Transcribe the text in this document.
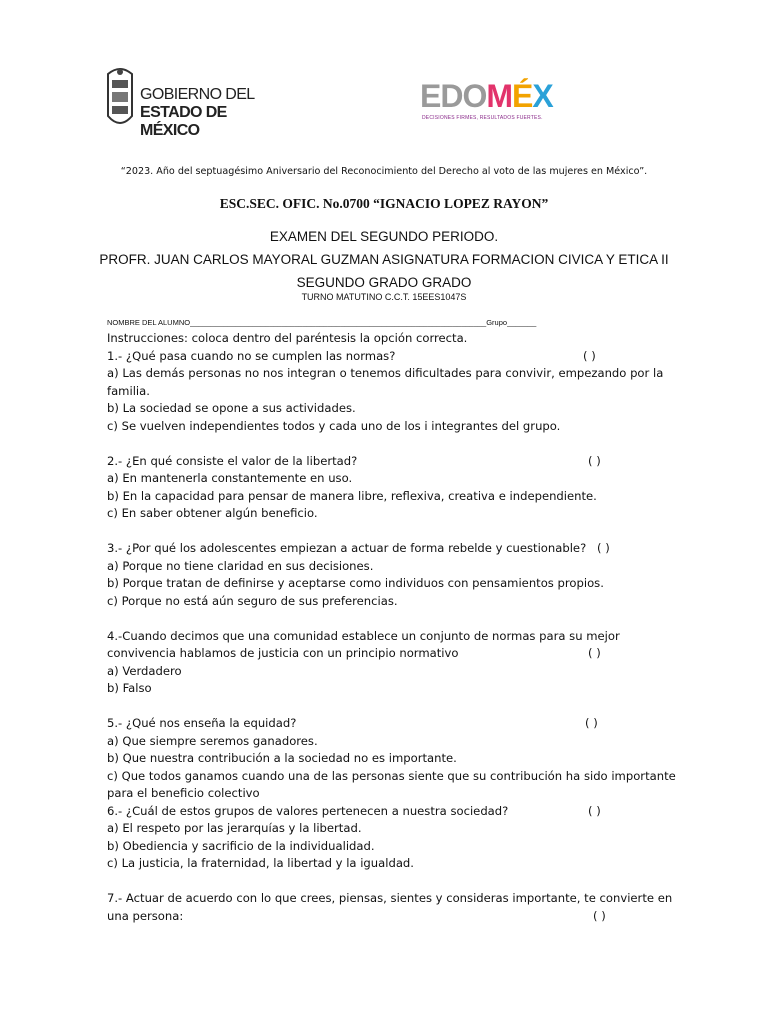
GOBIERNO DEL
ESTADO DE MÉXICO
EDOMÉX
DECISIONES FIRMES, RESULTADOS FUERTES.
“2023. Año del septuagésimo Aniversario del Reconocimiento del Derecho al voto de las mujeres en México”.
ESC.SEC. OFIC. No.0700 “IGNACIO LOPEZ RAYON”
EXAMEN DEL SEGUNDO PERIODO.
PROFR. JUAN CARLOS MAYORAL GUZMAN ASIGNATURA FORMACION CIVICA Y ETICA II
SEGUNDO GRADO GRADO
TURNO MATUTINO C.C.T. 15EES1047S
NOMBRE DEL ALUMNO_______________________________________________________________________Grupo_______
Instrucciones: coloca dentro del paréntesis la opción correcta.
1.- ¿Qué pasa cuando no se cumplen las normas?	( )
a) Las demás personas no nos integran o tenemos dificultades para convivir, empezando por la
familia.
b) La sociedad se opone a sus actividades.
c) Se vuelven independientes todos y cada uno de los i integrantes del grupo.
2.- ¿En qué consiste el valor de la libertad?	( )
a) En mantenerla constantemente en uso.
b) En la capacidad para pensar de manera libre, reflexiva, creativa e independiente.
c) En saber obtener algún beneficio.
3.- ¿Por qué los adolescentes empiezan a actuar de forma rebelde y cuestionable? ( )
a) Porque no tiene claridad en sus decisiones.
b) Porque tratan de definirse y aceptarse como individuos con pensamientos propios.
c) Porque no está aún seguro de sus preferencias.
4.-Cuando decimos que una comunidad establece un conjunto de normas para su mejor
convivencia hablamos de justicia con un principio normativo	( )
a) Verdadero
b) Falso
5.- ¿Qué nos enseña la equidad?	( )
a) Que siempre seremos ganadores.
b) Que nuestra contribución a la sociedad no es importante.
c) Que todos ganamos cuando una de las personas siente que su contribución ha sido importante
para el beneficio colectivo
6.- ¿Cuál de estos grupos de valores pertenecen a nuestra sociedad?	( )
a) El respeto por las jerarquías y la libertad.
b) Obediencia y sacrificio de la individualidad.
c) La justicia, la fraternidad, la libertad y la igualdad.
7.- Actuar de acuerdo con lo que crees, piensas, sientes y consideras importante, te convierte en
una persona:	( )
